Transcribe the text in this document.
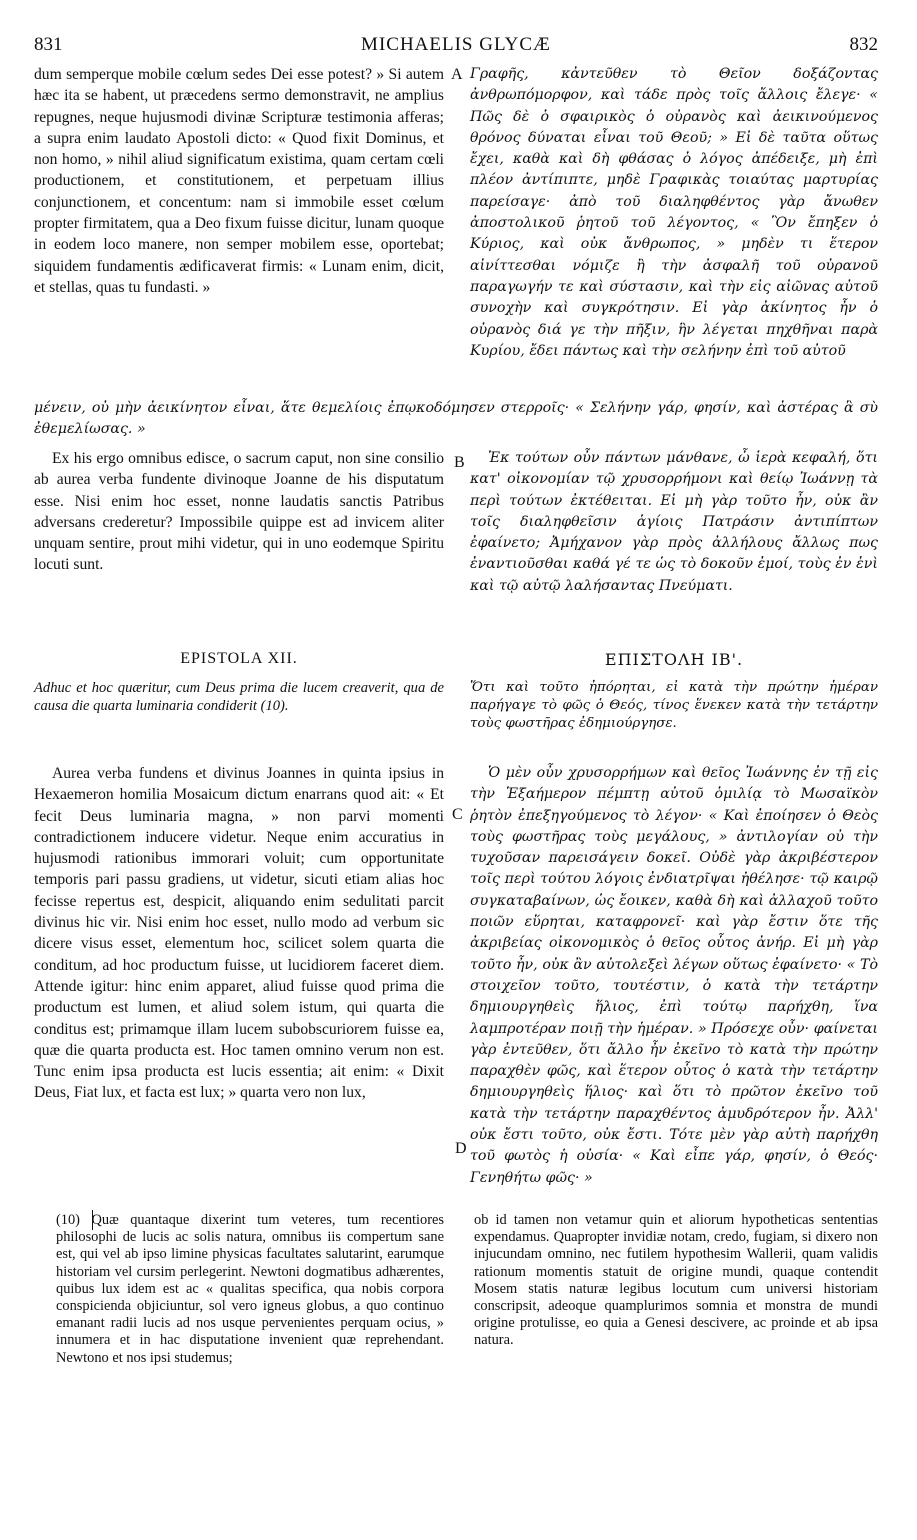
831	MICHAELIS GLYCÆ	832

dum semperque mobile cœlum sedes Dei esse potest? » Si autem hæc ita se habent, ut præcedens sermo demonstravit, ne amplius repugnes, neque hujusmodi divinæ Scripturæ testimonia afferas; a supra enim laudato Apostoli dicto: « Quod fixit Dominus, et non homo, » nihil aliud significatum existima, quam certam cœli productionem, et constitutionem, et perpetuam illius conjunctionem, et concentum: nam si immobile esset cœlum propter firmitatem, qua a Deo fixum fuisse dicitur, lunam quoque in eodem loco manere, non semper mobilem esse, oportebat; siquidem fundamentis ædificaverat firmis: « Lunam enim, dicit, et stellas, quas tu fundasti. »

A Γραφῆς, κἀντεῦθεν τὸ Θεῖον δοξάζοντας ἀνθρωπόμορφον, καὶ τάδε πρὸς τοῖς ἄλλοις ἔλεγε· « Πῶς δὲ ὁ σφαιρικὸς ὁ οὐρανὸς καὶ ἀεικινούμενος θρόνος δύναται εἶναι τοῦ Θεοῦ; » Εἰ δὲ ταῦτα οὕτως ἔχει, καθὰ καὶ δὴ φθάσας ὁ λόγος ἀπέδειξε, μὴ ἐπὶ πλέον ἀντίπιπτε, μηδὲ Γραφικὰς τοιαύτας μαρτυρίας παρείσαγε· ἀπὸ τοῦ διαληφθέντος γὰρ ἄνωθεν ἀποστολικοῦ ῥητοῦ τοῦ λέγοντος, « Ὃν ἔπηξεν ὁ Κύριος, καὶ οὐκ ἄνθρωπος, » μηδὲν τι ἕτερον αἰνίττεσθαι νόμιζε ἢ τὴν ἀσφαλῆ τοῦ οὐρανοῦ παραγωγήν τε καὶ σύστασιν, καὶ τὴν εἰς αἰῶνας αὐτοῦ συνοχὴν καὶ συγκρότησιν. Εἰ γὰρ ἀκίνητος ἦν ὁ οὐρανὸς διά γε τὴν πῆξιν, ἣν λέγεται πηχθῆναι παρὰ Κυρίου, ἔδει πάντως καὶ τὴν σελήνην ἐπὶ τοῦ αὐτοῦ

μένειν, οὐ μὴν ἀεικίνητον εἶναι, ἅτε θεμελίοις ἐπῳκοδόμησεν στερροῖς· « Σελήνην γάρ, φησίν, καὶ ἀστέρας ἃ σὺ ἐθεμελίωσας. »

Ex his ergo omnibus edisce, o sacrum caput, non sine consilio ab aurea verba fundente divinoque Joanne de his disputatum esse. Nisi enim hoc esset, nonne laudatis sanctis Patribus adversans crederetur? Impossibile quippe est ad invicem aliter unquam sentire, prout mihi videtur, qui in uno eodemque Spiritu locuti sunt.

B	Ἐκ τούτων οὖν πάντων μάνθανε, ὦ ἱερὰ κεφαλή, ὅτι κατ' οἰκονομίαν τῷ χρυσορρήμονι καὶ θείῳ Ἰωάννῃ τὰ περὶ τούτων ἐκτέθειται. Εἰ μὴ γὰρ τοῦτο ἦν, οὐκ ἂν τοῖς διαληφθεῖσιν ἁγίοις Πατράσιν ἀντιπίπτων ἐφαίνετο; Ἀμήχανον γὰρ πρὸς ἀλλήλους ἄλλως πως ἐναντιοῦσθαι καθά γέ τε ὡς τὸ δοκοῦν ἐμοί, τοὺς ἐν ἑνὶ καὶ τῷ αὐτῷ λαλήσαντας Πνεύματι.

EPISTOLA XII.	ΕΠΙΣΤΟΛΗ ΙΒ'.
Adhuc et hoc quæritur, cum Deus prima die lucem creaverit, qua de causa die quarta luminaria condiderit (10).
Ὅτι καὶ τοῦτο ἠπόρηται, εἰ κατὰ τὴν πρώτην ἡμέραν παρήγαγε τὸ φῶς ὁ Θεός, τίνος ἕνεκεν κατὰ τὴν τετάρτην τοὺς φωστῆρας ἐδημιούργησε.

Aurea verba fundens et divinus Joannes in quinta ipsius in Hexaemeron homilia Mosaicum dictum enarrans quod ait: « Et fecit Deus luminaria magna, » non parvi momenti contradictionem inducere videtur. Neque enim accuratius in hujusmodi rationibus immorari voluit; cum opportunitate temporis pari passu gradiens, ut videtur, sicuti etiam alias hoc fecisse repertus est, despicit, aliquando enim sedulitati parcit divinus hic vir. Nisi enim hoc esset, nullo modo ad verbum sic dicere visus esset, elementum hoc, scilicet solem quarta die conditum, ad hoc productum fuisse, ut lucidiorem faceret diem. Attende igitur: hinc enim apparet, aliud fuisse quod prima die productum est lumen, et aliud solem istum, qui quarta die conditus est; primamque illam lucem subobscuriorem fuisse ea, quæ die quarta producta est. Hoc tamen omnino verum non est. Tunc enim ipsa producta est lucis essentia; ait enim: « Dixit Deus, Fiat lux, et facta est lux; » quarta vero non lux,

C
D

Ὁ μὲν οὖν χρυσορρήμων καὶ θεῖος Ἰωάννης ἐν τῇ εἰς τὴν Ἑξαήμερον πέμπτῃ αὐτοῦ ὁμιλίᾳ τὸ Μωσαϊκὸν ῥητὸν ἐπεξηγούμενος τὸ λέγον· « Καὶ ἐποίησεν ὁ Θεὸς τοὺς φωστῆρας τοὺς μεγάλους, » ἀντιλογίαν οὐ τὴν τυχοῦσαν παρεισάγειν δοκεῖ. Οὐδὲ γὰρ ἀκριβέστερον τοῖς περὶ τούτου λόγοις ἐνδιατρῖψαι ἠθέλησε· τῷ καιρῷ συγκαταβαίνων, ὡς ἔοικεν, καθὰ δὴ καὶ ἀλλαχοῦ τοῦτο ποιῶν εὕρηται, καταφρονεῖ· καὶ γὰρ ἔστιν ὅτε τῆς ἀκριβείας οἰκονομικὸς ὁ θεῖος οὗτος ἀνήρ. Εἰ μὴ γὰρ τοῦτο ἦν, οὐκ ἂν αὐτολεξεὶ λέγων οὕτως ἐφαίνετο· « Τὸ στοιχεῖον τοῦτο, τουτέστιν, ὁ κατὰ τὴν τετάρτην δημιουργηθεὶς ἥλιος, ἐπὶ τούτῳ παρήχθη, ἵνα λαμπροτέραν ποιῇ τὴν ἡμέραν. » Πρόσεχε οὖν· φαίνεται γὰρ ἐντεῦθεν, ὅτι ἄλλο ἦν ἐκεῖνο τὸ κατὰ τὴν πρώτην παραχθὲν φῶς, καὶ ἕτερον οὗτος ὁ κατὰ τὴν τετάρτην δημιουργηθεὶς ἥλιος· καὶ ὅτι τὸ πρῶτον ἐκεῖνο τοῦ κατὰ τὴν τετάρτην παραχθέντος ἀμυδρότερον ἦν. Ἀλλ' οὐκ ἔστι τοῦτο, οὐκ ἔστι. Τότε μὲν γὰρ αὐτὴ παρήχθη τοῦ φωτὸς ἡ οὐσία· « Καὶ εἶπε γάρ, φησίν, ὁ Θεός· Γενηθήτω φῶς· »

(10) Quæ quantaque dixerint tum veteres, tum recentiores philosophi de lucis ac solis natura, omnibus iis compertum sane est, qui vel ab ipso limine physicas facultates salutarint, earumque historiam vel cursim perlegerint. Newtoni dogmatibus adhærentes, quibus lux idem est ac « qualitas specifica, qua nobis corpora conspicienda objiciuntur, sol vero igneus globus, a quo continuo emanant radii lucis ad nos usque pervenientes perquam ocius, » innumera et in hac disputatione invenient quæ reprehendant. Newtono et nos ipsi studemus;
ob id tamen non vetamur quin et aliorum hypotheticas sententias expendamus. Quapropter invidiæ notam, credo, fugiam, si dixero non injucundam omnino, nec futilem hypothesim Wallerii, quam validis rationum momentis statuit de origine mundi, quaque contendit Mosem statis naturæ legibus locutum cum universi historiam conscripsit, adeoque quamplurimos somnia et monstra de mundi origine protulisse, eo quia a Genesi descivere, ac proinde et ab ipsa natura.
